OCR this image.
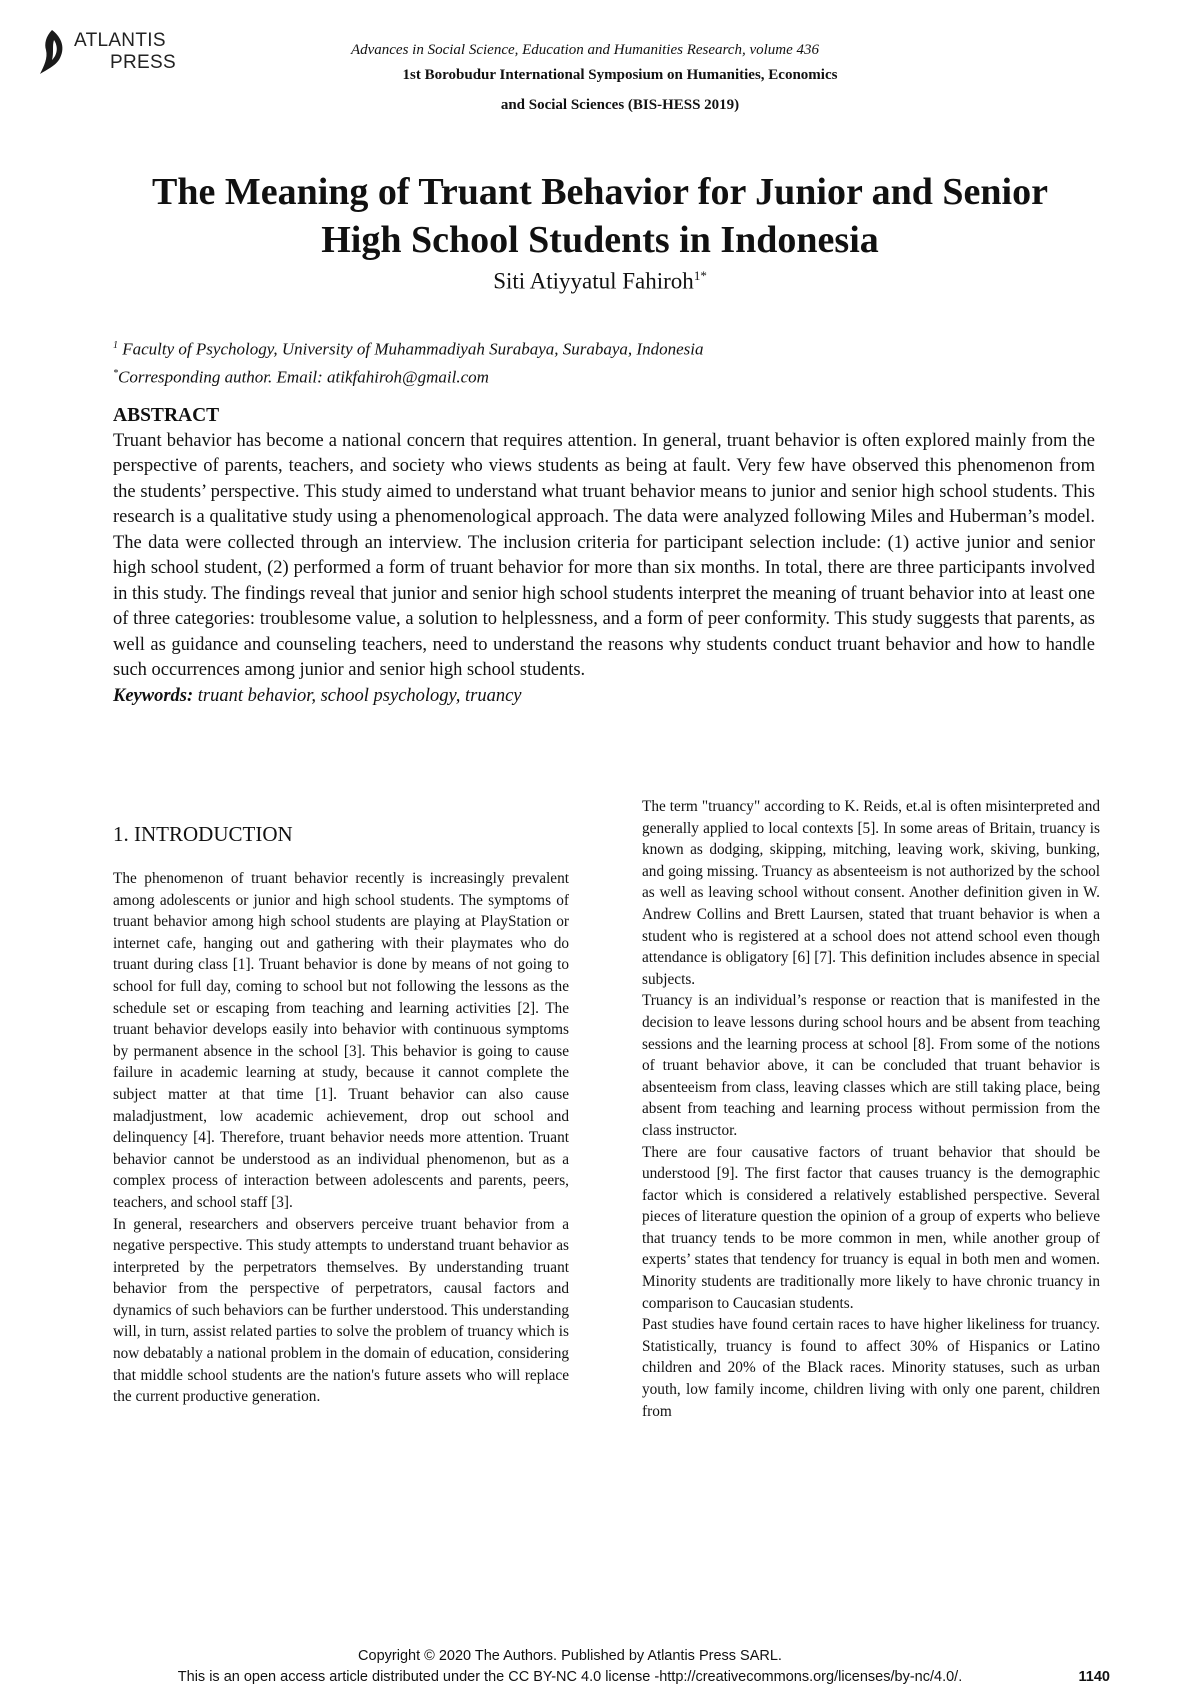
ATLANTIS
PRESS
Advances in Social Science, Education and Humanities Research, volume 436
1st Borobudur International Symposium on Humanities, Economics
and Social Sciences (BIS-HESS 2019)
The Meaning of Truant Behavior for Junior and Senior
High School Students in Indonesia
Siti Atiyyatul Fahiroh$^{1*}$
$^1$ Faculty of Psychology, University of Muhammadiyah Surabaya, Surabaya, Indonesia
*Corresponding author. Email: atikfahiroh@gmail.com
ABSTRACT
Truant behavior has become a national concern that requires attention. In general, truant behavior is often explored mainly from the perspective of parents, teachers, and society who views students as being at fault. Very few have observed this phenomenon from the students’ perspective. This study aimed to understand what truant behavior means to junior and senior high school students. This research is a qualitative study using a phenomenological approach. The data were analyzed following Miles and Huberman’s model. The data were collected through an interview. The inclusion criteria for participant selection include: (1) active junior and senior high school student, (2) performed a form of truant behavior for more than six months. In total, there are three participants involved in this study. The findings reveal that junior and senior high school students interpret the meaning of truant behavior into at least one of three categories: troublesome value, a solution to helplessness, and a form of peer conformity. This study suggests that parents, as well as guidance and counseling teachers, need to understand the reasons why students conduct truant behavior and how to handle such occurrences among junior and senior high school students.
Keywords: truant behavior, school psychology, truancy
1. INTRODUCTION

The phenomenon of truant behavior recently is increasingly prevalent among adolescents or junior and high school students. The symptoms of truant behavior among high school students are playing at PlayStation or internet cafe, hanging out and gathering with their playmates who do truant during class [1]. Truant behavior is done by means of not going to school for full day, coming to school but not following the lessons as the schedule set or escaping from teaching and learning activities [2]. The truant behavior develops easily into behavior with continuous symptoms by permanent absence in the school [3]. This behavior is going to cause failure in academic learning at study, because it cannot complete the subject matter at that time [1]. Truant behavior can also cause maladjustment, low academic achievement, drop out school and delinquency [4]. Therefore, truant behavior needs more attention. Truant behavior cannot be understood as an individual phenomenon, but as a complex process of interaction between adolescents and parents, peers, teachers, and school staff [3].

In general, researchers and observers perceive truant behavior from a negative perspective. This study attempts to understand truant behavior as interpreted by the perpetrators themselves. By understanding truant behavior from the perspective of perpetrators, causal factors and dynamics of such behaviors can be further understood. This understanding will, in turn, assist related parties to solve the problem of truancy which is now debatably a national problem in the domain of education, considering that middle school students are the nation's future assets who will replace the current productive generation.

The term "truancy" according to K. Reids, et.al is often misinterpreted and generally applied to local contexts [5]. In some areas of Britain, truancy is known as dodging, skipping, mitching, leaving work, skiving, bunking, and going missing. Truancy as absenteeism is not authorized by the school as well as leaving school without consent. Another definition given in W. Andrew Collins and Brett Laursen, stated that truant behavior is when a student who is registered at a school does not attend school even though attendance is obligatory [6] [7]. This definition includes absence in special subjects.

Truancy is an individual’s response or reaction that is manifested in the decision to leave lessons during school hours and be absent from teaching sessions and the learning process at school [8]. From some of the notions of truant behavior above, it can be concluded that truant behavior is absenteeism from class, leaving classes which are still taking place, being absent from teaching and learning process without permission from the class instructor.

There are four causative factors of truant behavior that should be understood [9]. The first factor that causes truancy is the demographic factor which is considered a relatively established perspective. Several pieces of literature question the opinion of a group of experts who believe that truancy tends to be more common in men, while another group of experts’ states that tendency for truancy is equal in both men and women. Minority students are traditionally more likely to have chronic truancy in comparison to Caucasian students.

Past studies have found certain races to have higher likeliness for truancy. Statistically, truancy is found to affect 30% of Hispanics or Latino children and 20% of the Black races. Minority statuses, such as urban youth, low family income, children living with only one parent, children from

Copyright © 2020 The Authors. Published by Atlantis Press SARL.
This is an open access article distributed under the CC BY-NC 4.0 license -http://creativecommons.org/licenses/by-nc/4.0/.	1140
